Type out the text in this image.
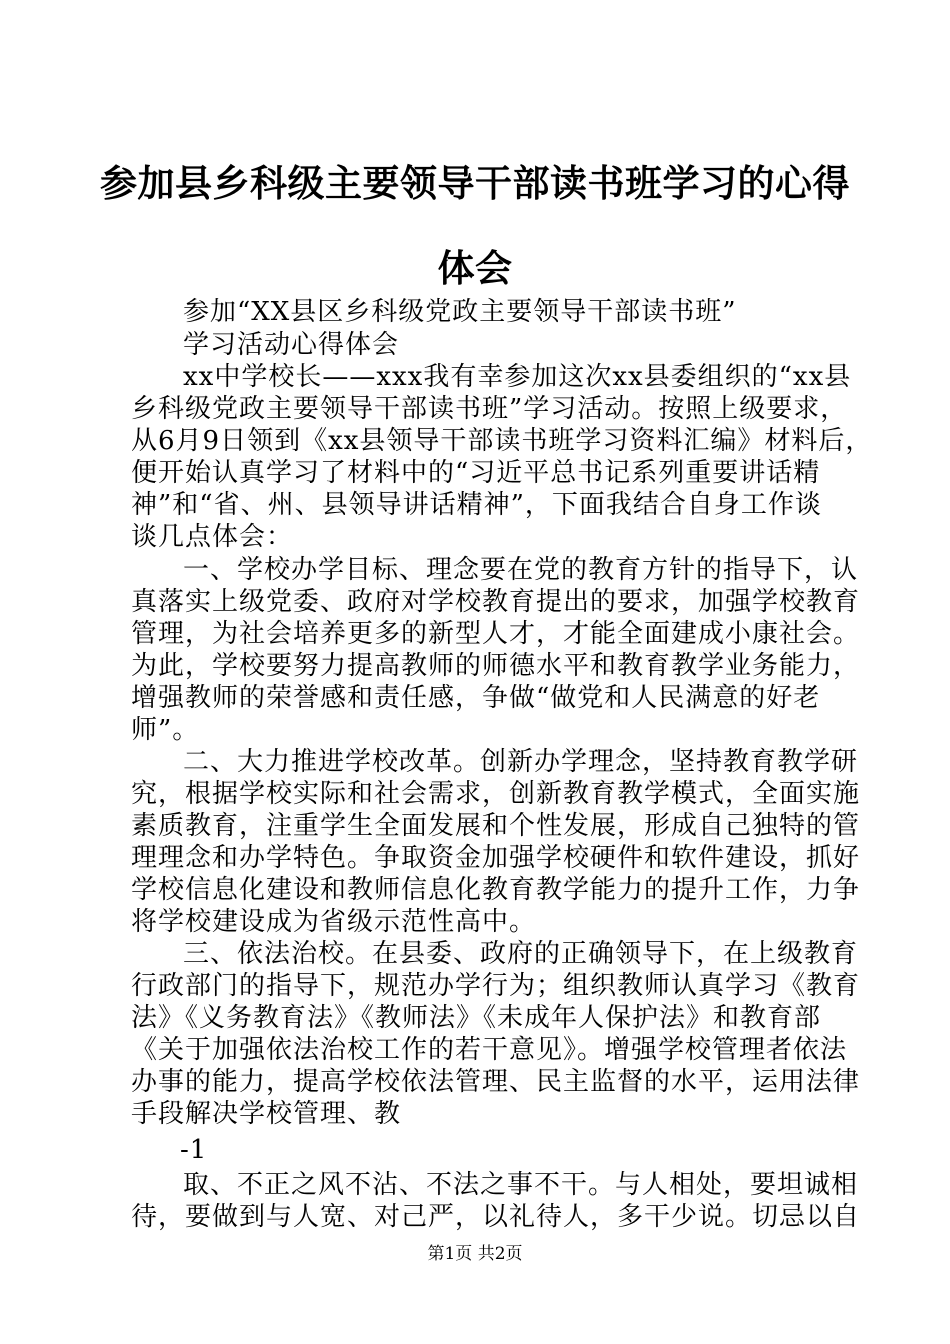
参加县乡科级主要领导干部读书班学习的心得
体会
参加“XX县区乡科级党政主要领导干部读书班”
学习活动心得体会
xx中学校长——xxx我有幸参加这次xx县委组织的“xx县
乡科级党政主要领导干部读书班”学习活动。按照上级要求，
从6月9日领到《xx县领导干部读书班学习资料汇编》材料后，
便开始认真学习了材料中的“习近平总书记系列重要讲话精
神”和“省、州、县领导讲话精神”，下面我结合自身工作谈
谈几点体会：
一、学校办学目标、理念要在党的教育方针的指导下，认
真落实上级党委、政府对学校教育提出的要求，加强学校教育
管理，为社会培养更多的新型人才，才能全面建成小康社会。
为此，学校要努力提高教师的师德水平和教育教学业务能力，
增强教师的荣誉感和责任感，争做“做党和人民满意的好老
师”。
二、大力推进学校改革。创新办学理念，坚持教育教学研
究，根据学校实际和社会需求，创新教育教学模式，全面实施
素质教育，注重学生全面发展和个性发展，形成自己独特的管
理理念和办学特色。争取资金加强学校硬件和软件建设，抓好
学校信息化建设和教师信息化教育教学能力的提升工作，力争
将学校建设成为省级示范性高中。
三、依法治校。在县委、政府的正确领导下，在上级教育
行政部门的指导下，规范办学行为；组织教师认真学习《教育
法》《义务教育法》《教师法》《未成年人保护法》和教育部
《关于加强依法治校工作的若干意见》。增强学校管理者依法
办事的能力，提高学校依法管理、民主监督的水平，运用法律
手段解决学校管理、教
-1
取、不正之风不沾、不法之事不干。与人相处，要坦诚相
待，要做到与人宽、对己严，以礼待人，多干少说。切忌以自
第1页 共2页
